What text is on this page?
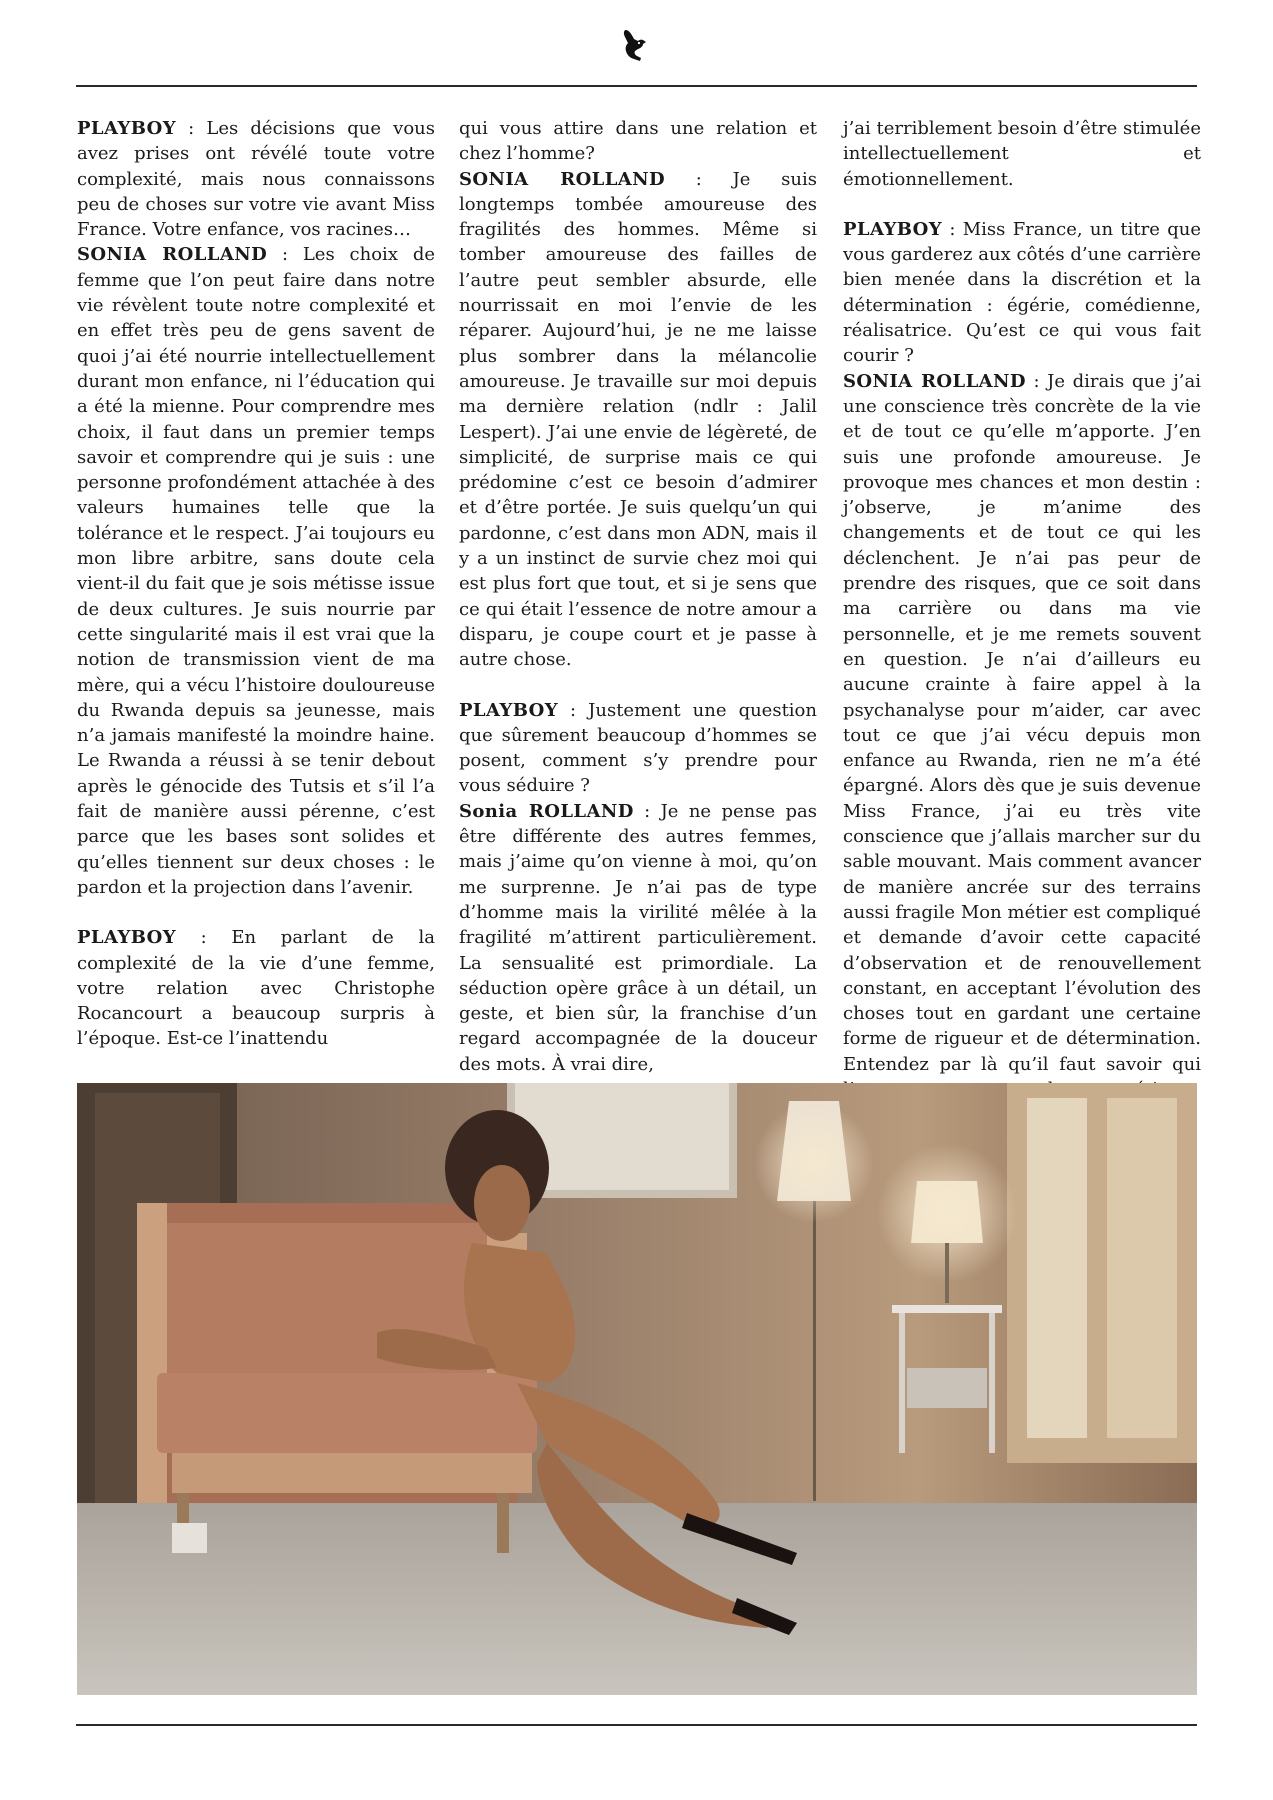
PLAYBOY : Les décisions que vous avez prises ont révélé toute votre complexité, mais nous connaissons peu de choses sur votre vie avant Miss France. Votre enfance, vos racines…

SONIA ROLLAND : Les choix de femme que l’on peut faire dans notre vie révèlent toute notre complexité et en effet très peu de gens savent de quoi j’ai été nourrie intellectuellement durant mon enfance, ni l’éducation qui a été la mienne. Pour comprendre mes choix, il faut dans un premier temps savoir et comprendre qui je suis : une personne profondément attachée à des valeurs humaines telle que la tolérance et le respect. J’ai toujours eu mon libre arbitre, sans doute cela vient-il du fait que je sois métisse issue de deux cultures. Je suis nourrie par cette singularité mais il est vrai que la notion de transmission vient de ma mère, qui a vécu l’histoire douloureuse du Rwanda depuis sa jeunesse, mais n’a jamais manifesté la moindre haine. Le Rwanda a réussi à se tenir debout après le génocide des Tutsis et s’il l’a fait de manière aussi pérenne, c’est parce que les bases sont solides et qu’elles tiennent sur deux choses : le pardon et la projection dans l’avenir.

PLAYBOY : En parlant de la complexité de la vie d’une femme, votre relation avec Christophe Rocancourt a beaucoup surpris à l’époque. Est-ce l’inattendu

qui vous attire dans une relation et chez l’homme?

SONIA ROLLAND : Je suis longtemps tombée amoureuse des fragilités des hommes. Même si tomber amoureuse des failles de l’autre peut sembler absurde, elle nourrissait en moi l’envie de les réparer. Aujourd’hui, je ne me laisse plus sombrer dans la mélancolie amoureuse. Je travaille sur moi depuis ma dernière relation (ndlr : Jalil Lespert). J’ai une envie de légèreté, de simplicité, de surprise mais ce qui prédomine c’est ce besoin d’admirer et d’être portée. Je suis quelqu’un qui pardonne, c’est dans mon ADN, mais il y a un instinct de survie chez moi qui est plus fort que tout, et si je sens que ce qui était l’essence de notre amour a disparu, je coupe court et je passe à autre chose.

PLAYBOY : Justement une question que sûrement beaucoup d’hommes se posent, comment s’y prendre pour vous séduire ?

Sonia ROLLAND : Je ne pense pas être différente des autres femmes, mais j’aime qu’on vienne à moi, qu’on me surprenne. Je n’ai pas de type d’homme mais la virilité mêlée à la fragilité m’attirent particulièrement. La sensualité est primordiale. La séduction opère grâce à un détail, un geste, et bien sûr, la franchise d’un regard accompagnée de la douceur des mots. À vrai dire,

j’ai terriblement besoin d’être stimulée intellectuellement et émotionnellement.

PLAYBOY : Miss France, un titre que vous garderez aux côtés d’une carrière bien menée dans la discrétion et la détermination : égérie, comédienne, réalisatrice. Qu’est ce qui vous fait courir ?

SONIA ROLLAND : Je dirais que j’ai une conscience très concrète de la vie et de tout ce qu’elle m’apporte. J’en suis une profonde amoureuse. Je provoque mes chances et mon destin : j’observe, je m’anime des changements et de tout ce qui les déclenchent. Je n’ai pas peur de prendre des risques, que ce soit dans ma carrière ou dans ma vie personnelle, et je me remets souvent en question. Je n’ai d’ailleurs eu aucune crainte à faire appel à la psychanalyse pour m’aider, car avec tout ce que j’ai vécu depuis mon enfance au Rwanda, rien ne m’a été épargné. Alors dès que je suis devenue Miss France, j’ai eu très vite conscience que j’allais marcher sur du sable mouvant. Mais comment avancer de manière ancrée sur des terrains aussi fragile Mon métier est compliqué et demande d’avoir cette capacité d’observation et de renouvellement constant, en acceptant l’évolution des choses tout en gardant une certaine forme de rigueur et de détermination. Entendez par là qu’il faut savoir qui
